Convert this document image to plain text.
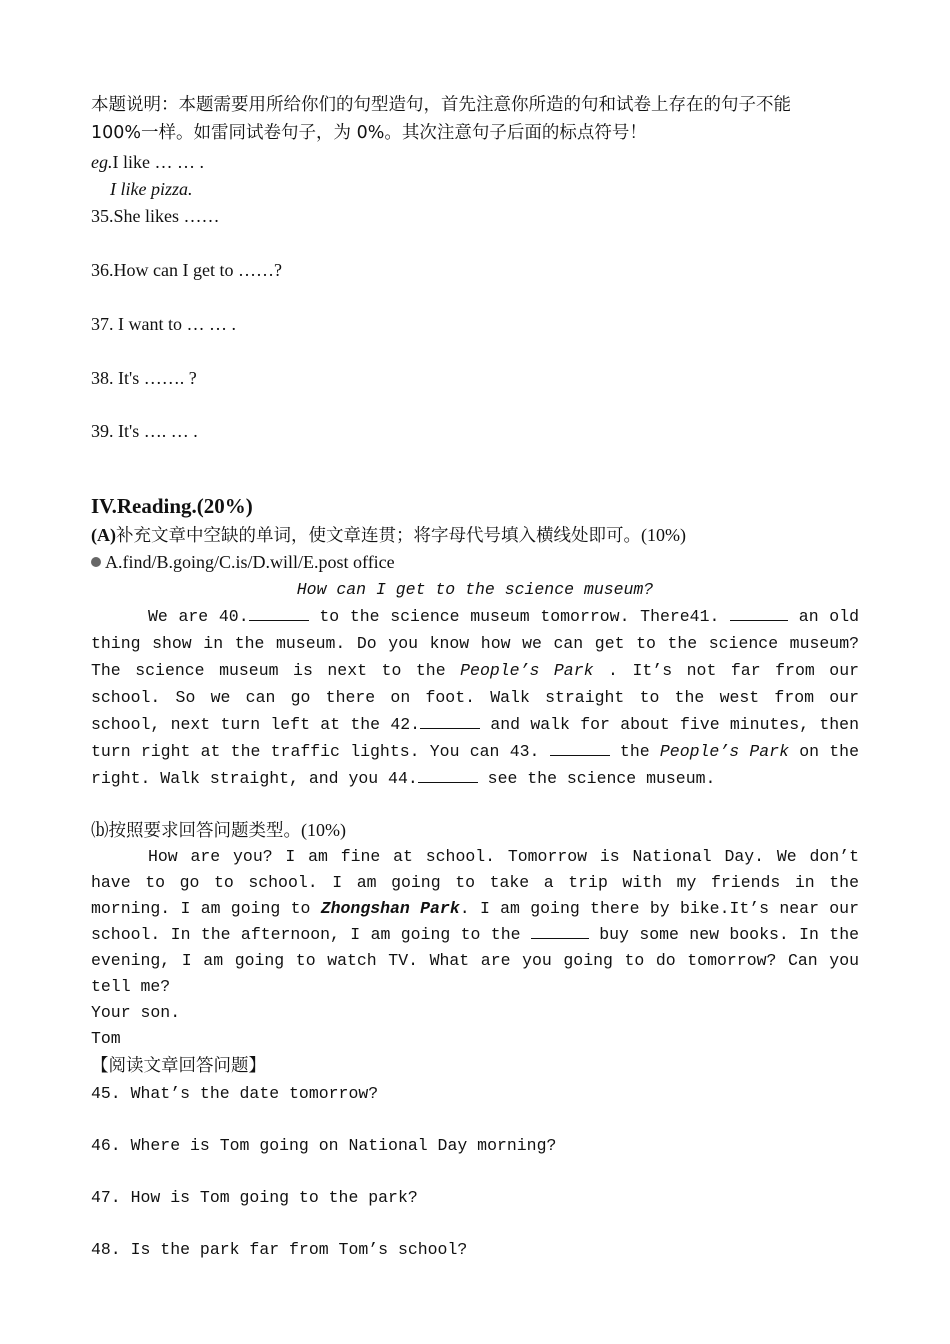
本题说明：本题需要用所给你们的句型造句，首先注意你所造的句和试卷上存在的句子不能
100%一样。如雷同试卷句子，为 0%。其次注意句子后面的标点符号！
eg.I like … … .
I like pizza.
35.She likes ……
36.How can I get to ……?
37. I want to … … .
38. It's ……. ?
39. It's …. … .
IV.Reading.(20%)
(A)补充文章中空缺的单词，使文章连贯；将字母代号填入横线处即可。(10%)
A.find/B.going/C.is/D.will/E.post office
How can I get to the science museum?

We are 40.	to the science museum tomorrow. There41.	an old thing show in the museum. Do you know how we can get to the science museum?The science museum is next to the People’s Park . It’s not far from our school. So we can go there on foot. Walk straight to the west from our school, next turn left at the 42.	and walk for about five minutes, then turn right at the traffic lights. You can 43.	the People’s Park on the right. Walk straight, and you 44.	see the science museum.

⒝按照要求回答问题类型。(10%)

How are you? I am fine at school. Tomorrow is National Day. We don’t have to go to school. I am going to take a trip with my friends in the morning. I am going to Zhongshan Park. I am going there by bike.It’s near our school. In the afternoon, I am going to the	buy some new books. In the evening, I am going to watch TV. What are you going to do tomorrow? Can you tell me?

Your son.

Tom

【阅读文章回答问题】
45. What’s the date tomorrow?
46. Where is Tom going on National Day morning?
47. How is Tom going to the park?
48. Is the park far from Tom’s school?
